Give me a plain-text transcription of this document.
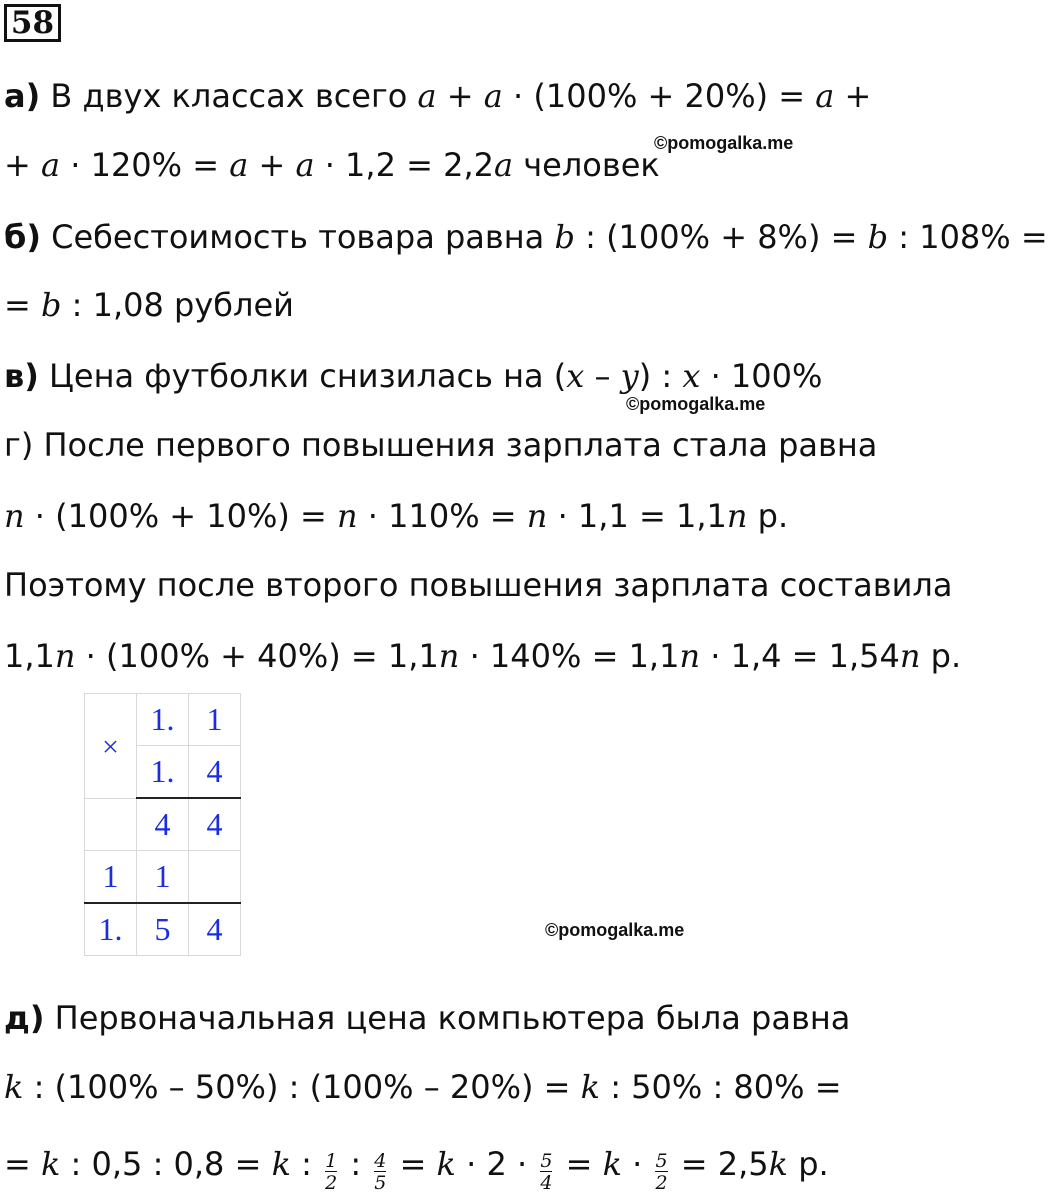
58
а) В двух классах всего a + a · (100% + 20%) = a +
©pomogalka.me
+ a · 120% = a + a · 1,2 = 2,2a человек
б) Себестоимость товара равна b : (100% + 8%) = b : 108% =
= b : 1,08 рублей
в) Цена футболки снизилась на (x – y) : x · 100%
©pomogalka.me
г) После первого повышения зарплата стала равна
n · (100% + 10%) = n · 110% = n · 1,1 = 1,1n р.
Поэтому после второго повышения зарплата составила
1,1n · (100% + 40%) = 1,1n · 140% = 1,1n · 1,4 = 1,54n р.
×	1.	1
	1.	4
	4	4
1	1	
1.	5	4	©pomogalka.me
д) Первоначальная цена компьютера была равна
k : (100% – 50%) : (100% – 20%) = k : 50% : 80% =
= k : 0,5 : 0,8 = k : $\frac{1}{2}$ : $\frac{4}{5} = k \cdot 2 \cdot \frac{5}{4} = k \cdot \frac{5}{2} = 2,5k$ р.
